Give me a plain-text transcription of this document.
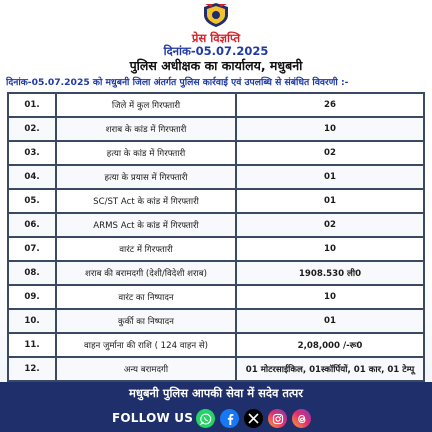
प्रेस विज्ञप्ति
दिनांक-05.07.2025
पुलिस अधीक्षक का कार्यालय, मधुबनी
दिनांक-05.07.2025 को मधुबनी जिला अंतर्गत पुलिस कार्रवाई एवं उपलब्धि से संबंधित विवरणी :-
01.	जिले में कुल गिरफ्तारी	26
02.	शराब के कांड में गिरफ्तारी	10
03.	हत्या के कांड में गिरफ्तारी	02
04.	हत्या के प्रयास में गिरफ्तारी	01
05.	SC/ST Act के कांड में गिरफ्तारी	01
06.	ARMS Act के कांड में गिरफ्तारी	02
07.	वारंट में गिरफ्तारी	10
08.	शराब की बरामदगी (देशी/विदेशी शराब)	1908.530 ली0
09.	वारंट का निष्पादन	10
10.	कुर्की का निष्पादन	01
11.	वाहन जुर्माना की राशि ( 124 वाहन से)	2,08,000 /-रू0
12.	अन्य बरामदगी	01 मोटरसाईकिल, 01स्कॉर्पियों, 01 कार, 01 टेम्पू
मधुबनी पुलिस आपकी सेवा में सदेव तत्पर
FOLLOW US
